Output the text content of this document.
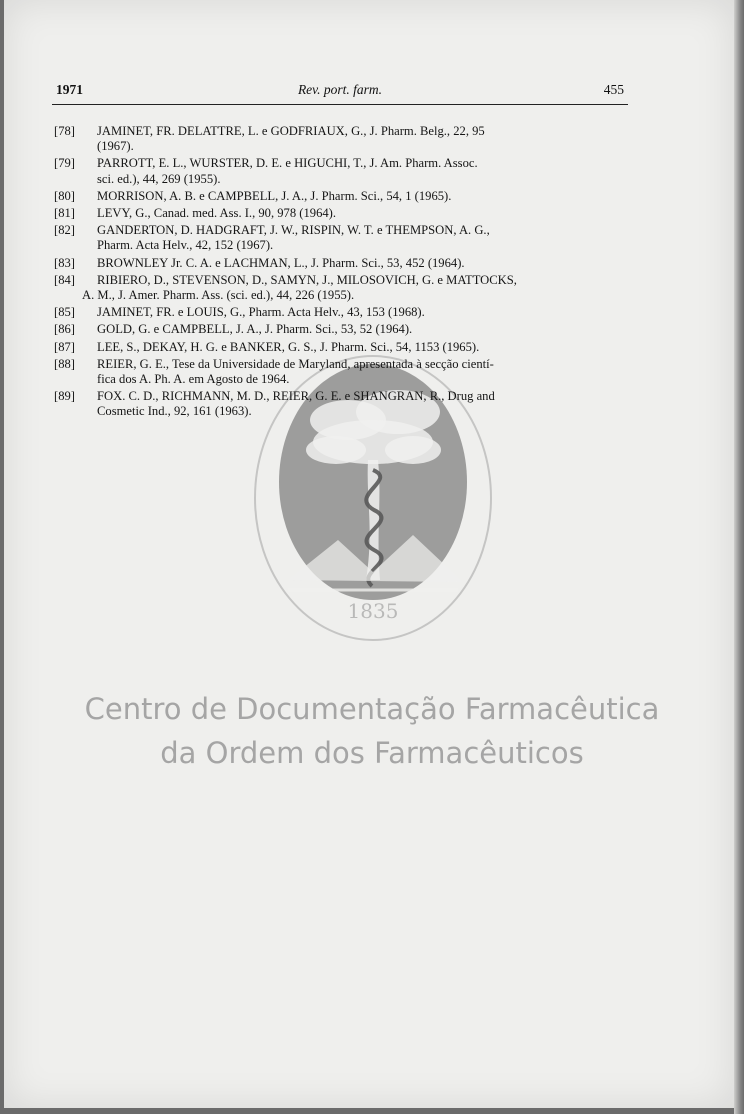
1971	Rev. port. farm.	455

[78] JAMINET, FR. DELATTRE, L. e GODFRIAUX, G., J. Pharm. Belg., 22, 95
(1967).
[79] PARROTT, E. L., WURSTER, D. E. e HIGUCHI, T., J. Am. Pharm. Assoc.
sci. ed.), 44, 269 (1955).
[80] MORRISON, A. B. e CAMPBELL, J. A., J. Pharm. Sci., 54, 1 (1965).
[81] LEVY, G., Canad. med. Ass. I., 90, 978 (1964).
[82] GANDERTON, D. HADGRAFT, J. W., RISPIN, W. T. e THEMPSON, A. G.,
Pharm. Acta Helv., 42, 152 (1967).
[83] BROWNLEY Jr. C. A. e LACHMAN, L., J. Pharm. Sci., 53, 452 (1964).
[84] RIBIERO, D., STEVENSON, D., SAMYN, J., MILOSOVICH, G. e MATTOCKS,
A. M., J. Amer. Pharm. Ass. (sci. ed.), 44, 226 (1955).
[85] JAMINET, FR. e LOUIS, G., Pharm. Acta Helv., 43, 153 (1968).
[86] GOLD, G. e CAMPBELL, J. A., J. Pharm. Sci., 53, 52 (1964).
[87] LEE, S., DEKAY, H. G. e BANKER, G. S., J. Pharm. Sci., 54, 1153 (1965).
[88] REIER, G. E., Tese da Universidade de Maryland, apresentada à secção cientí-
fica dos A. Ph. A. em Agosto de 1964.
[89] FOX. C. D., RICHMANN, M. D., REIER, G. E. e SHANGRAN, R., Drug and
Cosmetic Ind., 92, 161 (1963).
1835
Centro de Documentação Farmacêutica
da Ordem dos Farmacêuticos
